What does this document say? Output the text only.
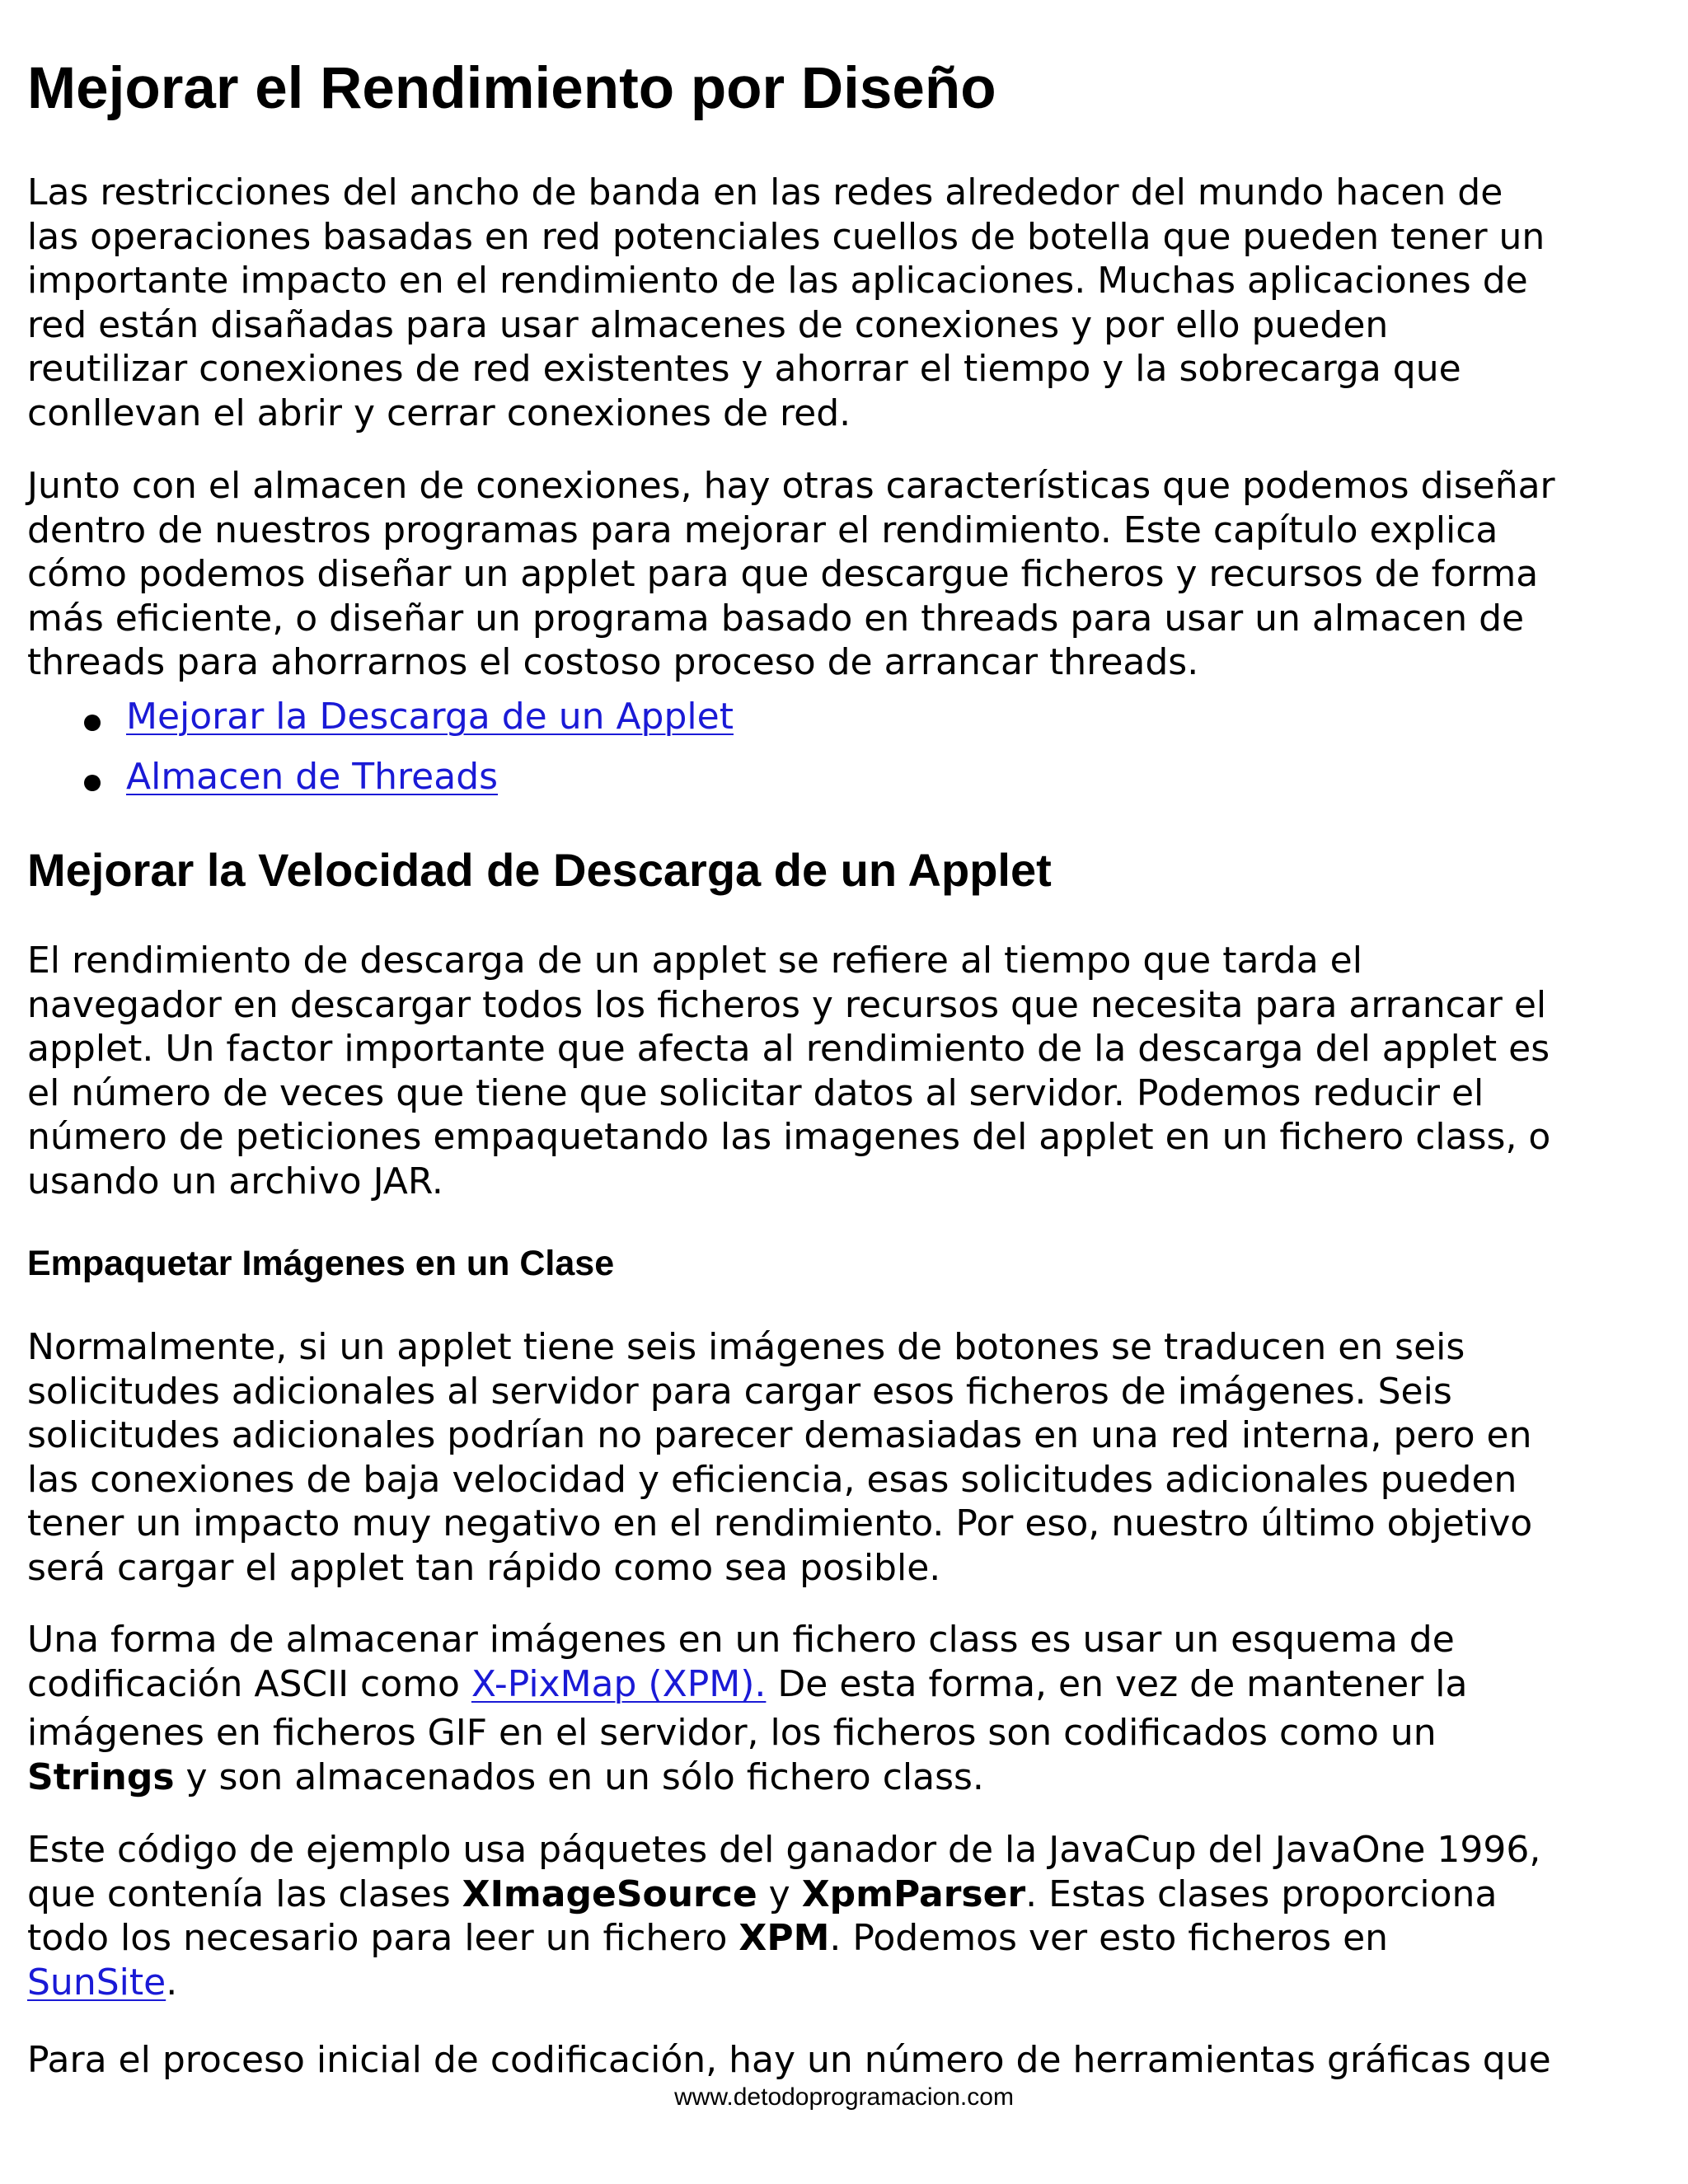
Mejorar el Rendimiento por Diseño

Las restricciones del ancho de banda en las redes alrededor del mundo hacen de
las operaciones basadas en red potenciales cuellos de botella que pueden tener un
importante impacto en el rendimiento de las aplicaciones. Muchas aplicaciones de
red están disañadas para usar almacenes de conexiones y por ello pueden
reutilizar conexiones de red existentes y ahorrar el tiempo y la sobrecarga que
conllevan el abrir y cerrar conexiones de red.

Junto con el almacen de conexiones, hay otras características que podemos diseñar
dentro de nuestros programas para mejorar el rendimiento. Este capítulo explica
cómo podemos diseñar un applet para que descargue ficheros y recursos de forma
más eficiente, o diseñar un programa basado en threads para usar un almacen de
threads para ahorrarnos el costoso proceso de arrancar threads.

Mejorar la Descarga de un Applet
Almacen de Threads
Mejorar la Velocidad de Descarga de un Applet

El rendimiento de descarga de un applet se refiere al tiempo que tarda el
navegador en descargar todos los ficheros y recursos que necesita para arrancar el
applet. Un factor importante que afecta al rendimiento de la descarga del applet es
el número de veces que tiene que solicitar datos al servidor. Podemos reducir el
número de peticiones empaquetando las imagenes del applet en un fichero class, o
usando un archivo JAR.

Empaquetar Imágenes en un Clase

Normalmente, si un applet tiene seis imágenes de botones se traducen en seis
solicitudes adicionales al servidor para cargar esos ficheros de imágenes. Seis
solicitudes adicionales podrían no parecer demasiadas en una red interna, pero en
las conexiones de baja velocidad y eficiencia, esas solicitudes adicionales pueden
tener un impacto muy negativo en el rendimiento. Por eso, nuestro último objetivo
será cargar el applet tan rápido como sea posible.

Una forma de almacenar imágenes en un fichero class es usar un esquema de
codificación ASCII como X-PixMap (XPM). De esta forma, en vez de mantener la
imágenes en ficheros GIF en el servidor, los ficheros son codificados como un
Strings y son almacenados en un sólo fichero class.

Este código de ejemplo usa páquetes del ganador de la JavaCup del JavaOne 1996,
que contenía las clases XImageSource y XpmParser. Estas clases proporciona
todo los necesario para leer un fichero XPM. Podemos ver esto ficheros en
SunSite.

Para el proceso inicial de codificación, hay un número de herramientas gráficas que

www.detodoprogramacion.com
